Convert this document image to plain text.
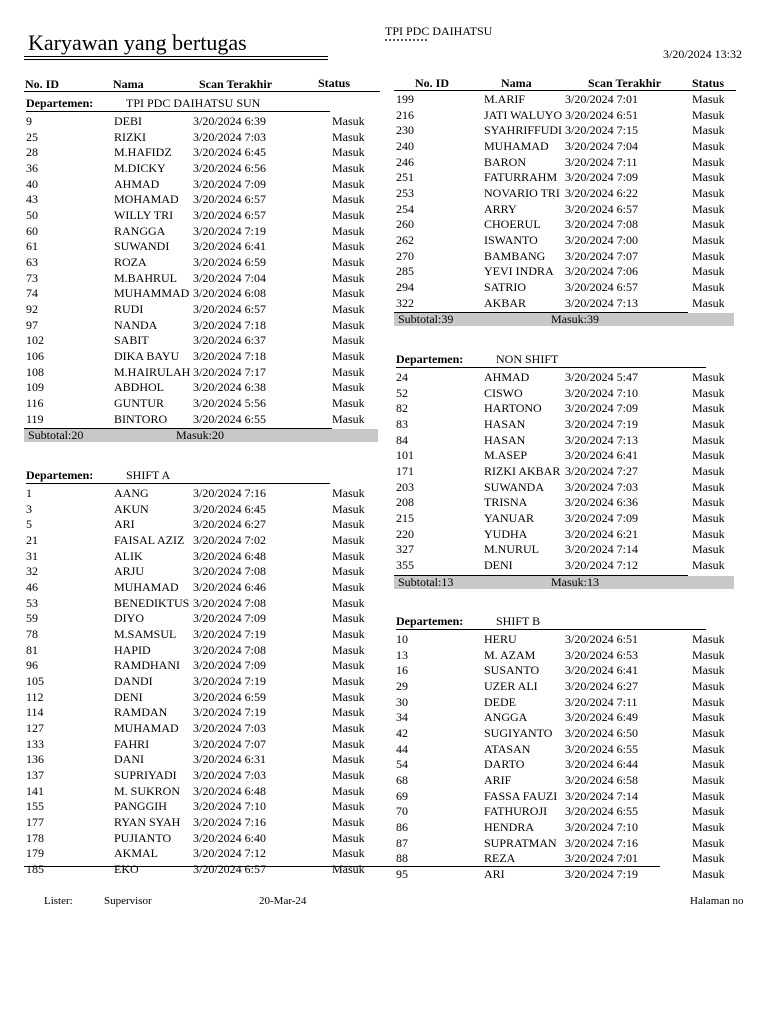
Karyawan yang bertugas	TPI PDC DAIHATSU
3/20/2024 13:32
No. ID	Nama	Scan Terakhir	Status	No. ID	Nama	Scan Terakhir	Status
Departemen:	TPI PDC DAIHATSU SUN
9	DEBI	3/20/2024 6:39	Masuk
25	RIZKI	3/20/2024 7:03	Masuk
28	M.HAFIDZ 3/20/2024 6:45	Masuk
36	M.DICKY 3/20/2024 6:56	Masuk
40	AHMAD	3/20/2024 7:09	Masuk
43	MOHAMAD 3/20/2024 6:57	Masuk
50	WILLY TRI 3/20/2024 6:57	Masuk
60	RANGGA 3/20/2024 7:19	Masuk
61	SUWANDI 3/20/2024 6:41	Masuk
63	ROZA	3/20/2024 6:59	Masuk
73	M.BAHRUL 3/20/2024 7:04	Masuk
74	MUHAMMAD 3/20/2024 6:08	Masuk
92	RUDI	3/20/2024 6:57	Masuk
97	NANDA	3/20/2024 7:18	Masuk
102	SABIT	3/20/2024 6:37	Masuk
106	DIKA BAYU 3/20/2024 7:18	Masuk
108	M.HAIRULAH 3/20/2024 7:17	Masuk
109	ABDHOL 3/20/2024 6:38	Masuk
116	GUNTUR 3/20/2024 5:56	Masuk
119	BINTORO 3/20/2024 6:55	Masuk
Subtotal:20	Masuk:20
Departemen:	SHIFT A
1	AANG	3/20/2024 7:16	Masuk
3	AKUN	3/20/2024 6:45	Masuk
5	ARI	3/20/2024 6:27	Masuk
21	FAISAL AZIZ 3/20/2024 7:02	Masuk
31	ALIK	3/20/2024 6:48	Masuk
32	ARJU	3/20/2024 7:08	Masuk
46	MUHAMAD 3/20/2024 6:46	Masuk
53	BENEDIKTUS 3/20/2024 7:08	Masuk
59	DIYO	3/20/2024 7:09	Masuk
78	M.SAMSUL 3/20/2024 7:19	Masuk
81	HAPID	3/20/2024 7:08	Masuk
96	RAMDHANI 3/20/2024 7:09	Masuk
105	DANDI	3/20/2024 7:19	Masuk
112	DENI	3/20/2024 6:59	Masuk
114	RAMDAN 3/20/2024 7:19	Masuk
127	MUHAMAD 3/20/2024 7:03	Masuk
133	FAHRI	3/20/2024 7:07	Masuk
136	DANI	3/20/2024 6:31	Masuk
137	SUPRIYADI 3/20/2024 7:03	Masuk
141	M. SUKRON 3/20/2024 6:48	Masuk
155	PANGGIH 3/20/2024 7:10	Masuk
177	RYAN SYAH 3/20/2024 7:16	Masuk
178	PUJIANTO 3/20/2024 6:40	Masuk
179	AKMAL	3/20/2024 7:12	Masuk
185	EKO	3/20/2024 6:57	Masuk
199	M.ARIF	3/20/2024 7:01	Masuk
216	JATI WALUYO 3/20/2024 6:51	Masuk
230	SYAHRIFFUDI 3/20/2024 7:15	Masuk
240	MUHAMAD 3/20/2024 7:04	Masuk
246	BARON	3/20/2024 7:11	Masuk
251	FATURRAHM 3/20/2024 7:09	Masuk
253	NOVARIO TRI 3/20/2024 6:22	Masuk
254	ARRY	3/20/2024 6:57	Masuk
260	CHOERUL 3/20/2024 7:08	Masuk
262	ISWANTO 3/20/2024 7:00	Masuk
270	BAMBANG 3/20/2024 7:07	Masuk
285	YEVI INDRA 3/20/2024 7:06	Masuk
294	SATRIO	3/20/2024 6:57	Masuk
322	AKBAR	3/20/2024 7:13	Masuk
Subtotal:39	Masuk:39
Departemen:	NON SHIFT
24	AHMAD	3/20/2024 5:47	Masuk
52	CISWO	3/20/2024 7:10	Masuk
82	HARTONO 3/20/2024 7:09	Masuk
83	HASAN	3/20/2024 7:19	Masuk
84	HASAN	3/20/2024 7:13	Masuk
101	M.ASEP	3/20/2024 6:41	Masuk
171	RIZKI AKBAR 3/20/2024 7:27	Masuk
203	SUWANDA 3/20/2024 7:03	Masuk
208	TRISNA	3/20/2024 6:36	Masuk
215	YANUAR	3/20/2024 7:09	Masuk
220	YUDHA	3/20/2024 6:21	Masuk
327	M.NURUL 3/20/2024 7:14	Masuk
355	DENI	3/20/2024 7:12	Masuk
Subtotal:13	Masuk:13
Departemen:	SHIFT B
10	HERU	3/20/2024 6:51	Masuk
13	M. AZAM 3/20/2024 6:53	Masuk
16	SUSANTO 3/20/2024 6:41	Masuk
29	UZER ALI 3/20/2024 6:27	Masuk
30	DEDE	3/20/2024 7:11	Masuk
34	ANGGA	3/20/2024 6:49	Masuk
42	SUGIYANTO 3/20/2024 6:50	Masuk
44	ATASAN	3/20/2024 6:55	Masuk
54	DARTO	3/20/2024 6:44	Masuk
68	ARIF	3/20/2024 6:58	Masuk
69	FASSA FAUZI 3/20/2024 7:14	Masuk
70	FATHUROJI 3/20/2024 6:55	Masuk
86	HENDRA	3/20/2024 7:10	Masuk
87	SUPRATMAN 3/20/2024 7:16	Masuk
88	REZA	3/20/2024 7:01	Masuk
95	ARI	3/20/2024 7:19	Masuk
Lister:	Supervisor	20-Mar-24	Halaman no
